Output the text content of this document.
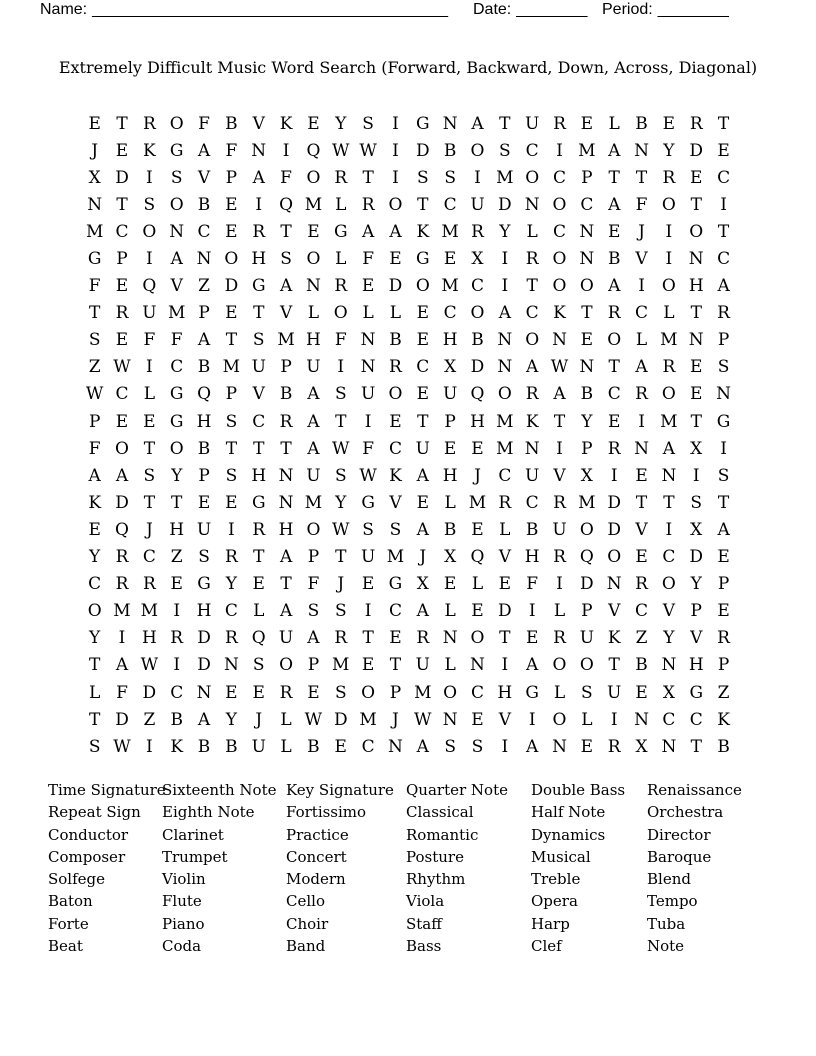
Name: ________________________________________ Date: ________ Period: ________
Extremely Difficult Music Word Search (Forward, Backward, Down, Across, Diagonal)
E T R O F B V K E Y S	I	G N A T U R E L B E R T
J	E K G A F N I	Q W W I	D B O S C	I M A N Y D E
X D	I	S V P A F O R T	I	S S	I M O C P T T R E C
N T S O B E	I	Q M L R O T C U D N O C A F O T	I
M C O N C E R T E G A A K M R Y L C N E	J	I	O T
G P	I	A N O H S O L F E G E X	I	R O N B V	I N C
F E Q V Z D G A N R E D O M C	I	T O O A	I	O H A
T R U M P E T V L O L L E C O A C K T R C L T R
S E F F A T S M H F N B E H B N O N E O L M N P
Z W I	C B M U P U I N R C X D N A W N T A R E S
W C L G Q P V B A S U O E U Q O R A B C R O E N
P E E G H S C R A T	I	E T P H M K T Y E	I M T G
F O T O B T T T A W F C U E E M N I	P R N A X	I
A A S Y P S H N U S W K A H J	C U V X	I	E N I	S
K D T T E E G N M Y G V E L M R C R M D T T S T
E Q J H U I	R H O W S S A B E L B U O D V	I	X A
Y R C Z S R T A P T U M J	X Q V H R Q O E C D E
C R R E G Y E T F	J	E G X E L E F	I	D N R O Y P
O M M I H C L A S S	I	C A L E D	I	L P V C V P E
Y	I H R D R Q U A R T E R N O T E R U K Z Y V R
T A W I	D N S O P M E T U L N I	A O O T B N H P
L F D C N E E R E S O P M O C H G L S U E X G Z
T D Z B A Y	J	L W D M J W N E V	I	O L	I N C C K
S W I	K B B U L B E C N A S S	I	A N E R X N T B
Time Signature
Repeat Sign
Conductor
Composer
Solfege
Baton
Forte
Beat
Sixteenth Note
Eighth Note
Clarinet
Trumpet
Violin
Flute
Piano
Coda
Key Signature
Fortissimo
Practice
Concert
Modern
Cello
Choir
Band
Quarter Note
Classical
Romantic
Posture
Rhythm
Viola
Staff
Bass
Double Bass
Half Note
Dynamics
Musical
Treble
Opera
Harp
Clef
Renaissance
Orchestra
Director
Baroque
Blend
Tempo
Tuba
Note
